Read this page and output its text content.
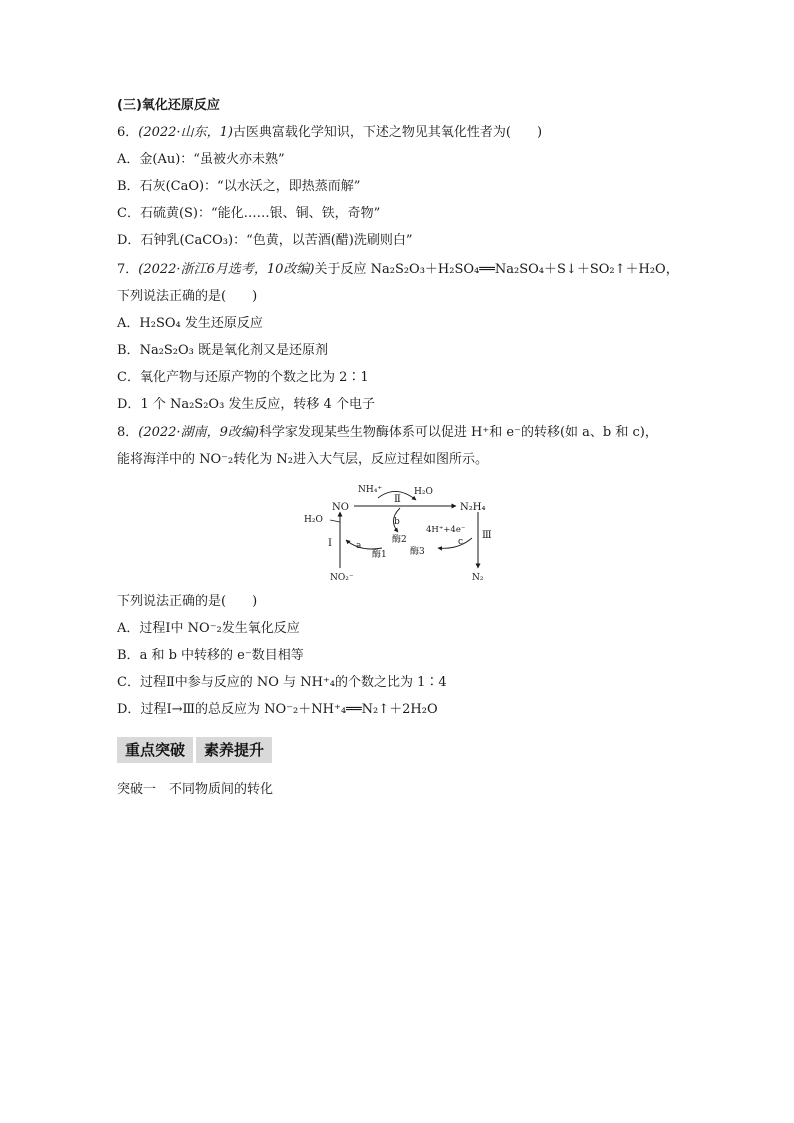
(三)氧化还原反应
6．(2022·山东，1)古医典富载化学知识，下述之物见其氧化性者为(　　)
A．金(Au)：“虽被火亦未熟”
B．石灰(CaO)：“以水沃之，即热蒸而解”
C．石硫黄(S)：“能化……银、铜、铁，奇物”
D．石钟乳(CaCO₃)：“色黄，以苦酒(醋)洗刷则白”
7．(2022·浙江6月选考，10改编)关于反应 Na₂S₂O₃＋H₂SO₄══Na₂SO₄＋S↓＋SO₂↑＋H₂O，
下列说法正确的是(　　)
A．H₂SO₄ 发生还原反应
B．Na₂S₂O₃ 既是氧化剂又是还原剂
C．氧化产物与还原产物的个数之比为 2∶1
D．1 个 Na₂S₂O₃ 发生反应，转移 4 个电子
8．(2022·湖南，9改编)科学家发现某些生物酶体系可以促进 H⁺和 e⁻的转移(如 a、b 和 c)，
能将海洋中的 NO⁻₂转化为 N₂进入大气层，反应过程如图所示。
NO
NH₄⁺
Ⅱ
H₂O
N₂H₄
H₂O
Ⅰ	a
b
酶2
酶1
4H⁺+4e⁻
c
酶3
Ⅲ
NO₂⁻	N₂
下列说法正确的是(　　)
A．过程Ⅰ中 NO⁻₂发生氧化反应
B．a 和 b 中转移的 e⁻数目相等
C．过程Ⅱ中参与反应的 NO 与 NH⁺₄的个数之比为 1∶4
D．过程Ⅰ→Ⅲ的总反应为 NO⁻₂＋NH⁺₄══N₂↑＋2H₂O
重点突破	素养提升
突破一　不同物质间的转化
